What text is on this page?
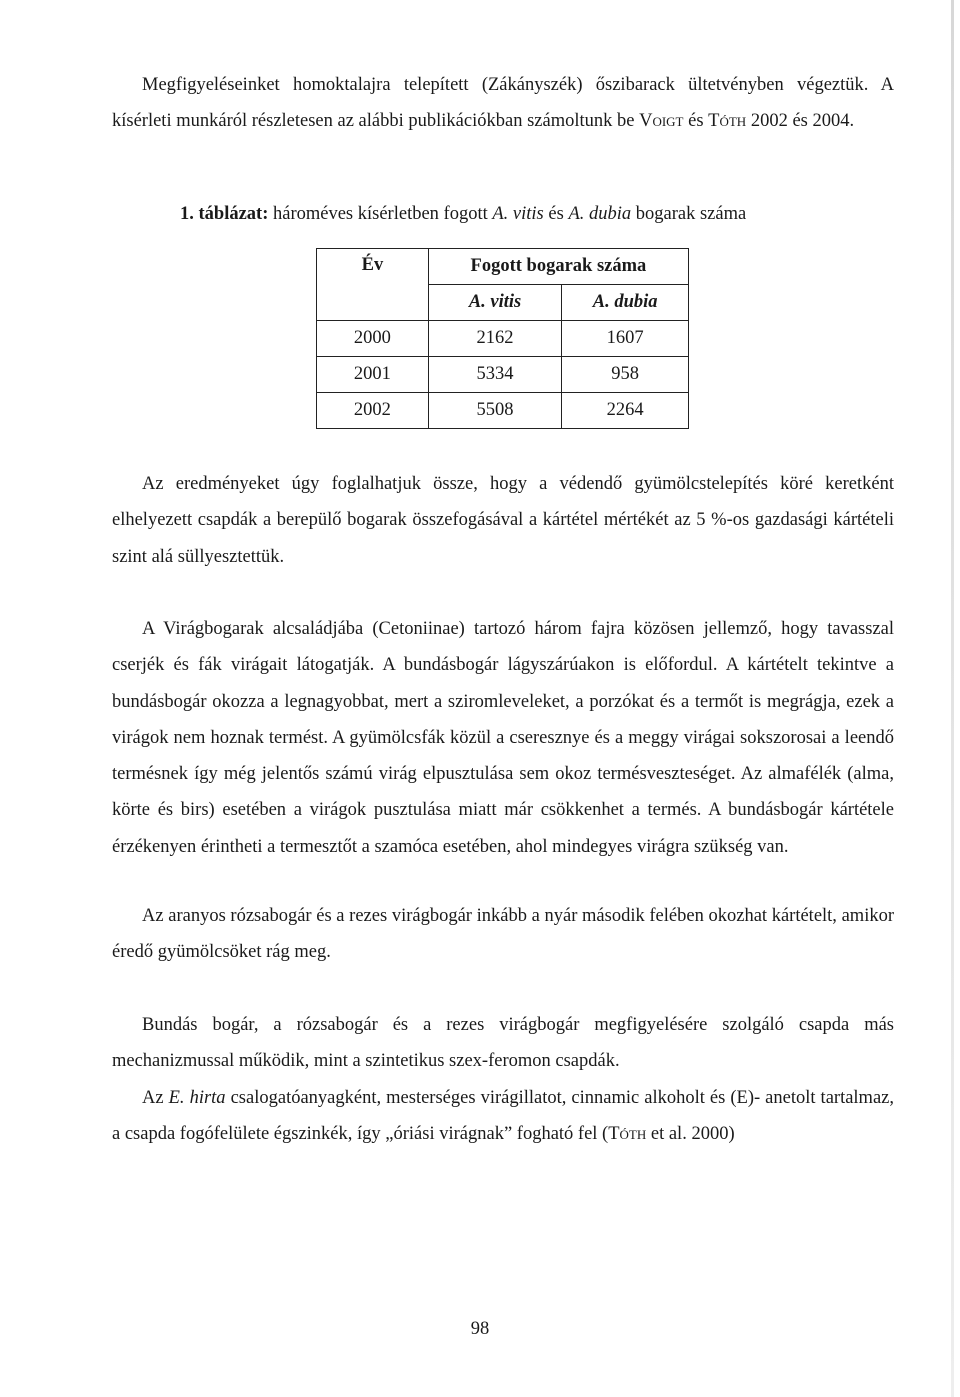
Megfigyeléseinket homoktalajra telepített (Zákányszék) őszibarack ültetvényben végeztük. A kísérleti munkáról részletesen az alábbi publikációkban számoltunk be Voigt és Tóth 2002 és 2004.

1. táblázat: hároméves kísérletben fogott A. vitis és A. dubia bogarak száma

Év	Fogott bogarak száma	
	A. vitis	A. dubia
2000	2162	1607
2001	5334	958
2002	5508	2264

Az eredményeket úgy foglalhatjuk össze, hogy a védendő gyümölcstelepítés köré keretként elhelyezett csapdák a berepülő bogarak összefogásával a kártétel mértékét az 5 %-os gazdasági kártételi szint alá süllyesztettük.

A Virágbogarak alcsaládjába (Cetoniinae) tartozó három fajra közösen jellemző, hogy tavasszal cserjék és fák virágait látogatják. A bundásbogár lágyszárúakon is előfordul. A kártételt tekintve a bundásbogár okozza a legnagyobbat, mert a sziromleveleket, a porzókat és a termőt is megrágja, ezek a virágok nem hoznak termést. A gyümölcsfák közül a cseresznye és a meggy virágai sokszorosai a leendő termésnek így még jelentős számú virág elpusztulása sem okoz termésveszteséget. Az almafélék (alma, körte és birs) esetében a virágok pusztulása miatt már csökkenhet a termés. A bundásbogár kártétele érzékenyen érintheti a termesztőt a szamóca esetében, ahol mindegyes virágra szükség van.

Az aranyos rózsabogár és a rezes virágbogár inkább a nyár második felében okozhat kártételt, amikor éredő gyümölcsöket rág meg.

Bundás bogár, a rózsabogár és a rezes virágbogár megfigyelésére szolgáló csapda más mechanizmussal működik, mint a szintetikus szex-feromon csapdák.

Az E. hirta csalogatóanyagként, mesterséges virágillatot, cinnamic alkoholt és (E)- anetolt tartalmaz, a csapda fogófelülete égszinkék, így „óriási virágnak” fogható fel (Tóth et al. 2000)

98
